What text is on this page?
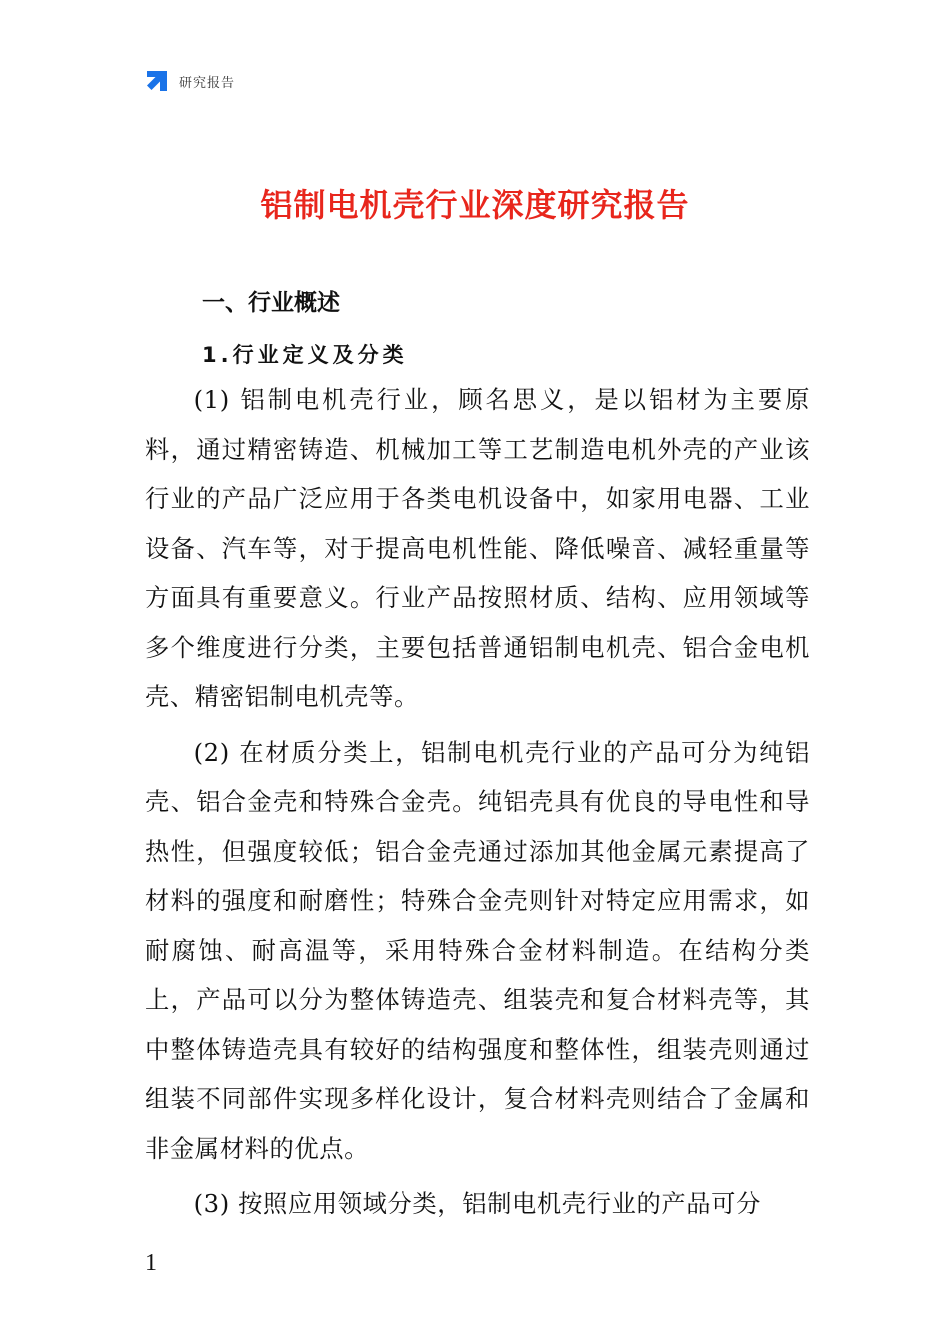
研究报告
铝制电机壳行业深度研究报告
一、行业概述
1.行业定义及分类

(1) 铝制电机壳行业，顾名思义，是以铝材为主要原料，通过精密铸造、机械加工等工艺制造电机外壳的产业该行业的产品广泛应用于各类电机设备中，如家用电器、工业设备、汽车等，对于提高电机性能、降低噪音、减轻重量等方面具有重要意义。行业产品按照材质、结构、应用领域等多个维度进行分类，主要包括普通铝制电机壳、铝合金电机壳、精密铝制电机壳等。

(2) 在材质分类上，铝制电机壳行业的产品可分为纯铝壳、铝合金壳和特殊合金壳。纯铝壳具有优良的导电性和导热性，但强度较低；铝合金壳通过添加其他金属元素提高了材料的强度和耐磨性；特殊合金壳则针对特定应用需求，如耐腐蚀、耐高温等，采用特殊合金材料制造。在结构分类上，产品可以分为整体铸造壳、组装壳和复合材料壳等，其中整体铸造壳具有较好的结构强度和整体性，组装壳则通过组装不同部件实现多样化设计，复合材料壳则结合了金属和非金属材料的优点。

(3) 按照应用领域分类，铝制电机壳行业的产品可分

1
